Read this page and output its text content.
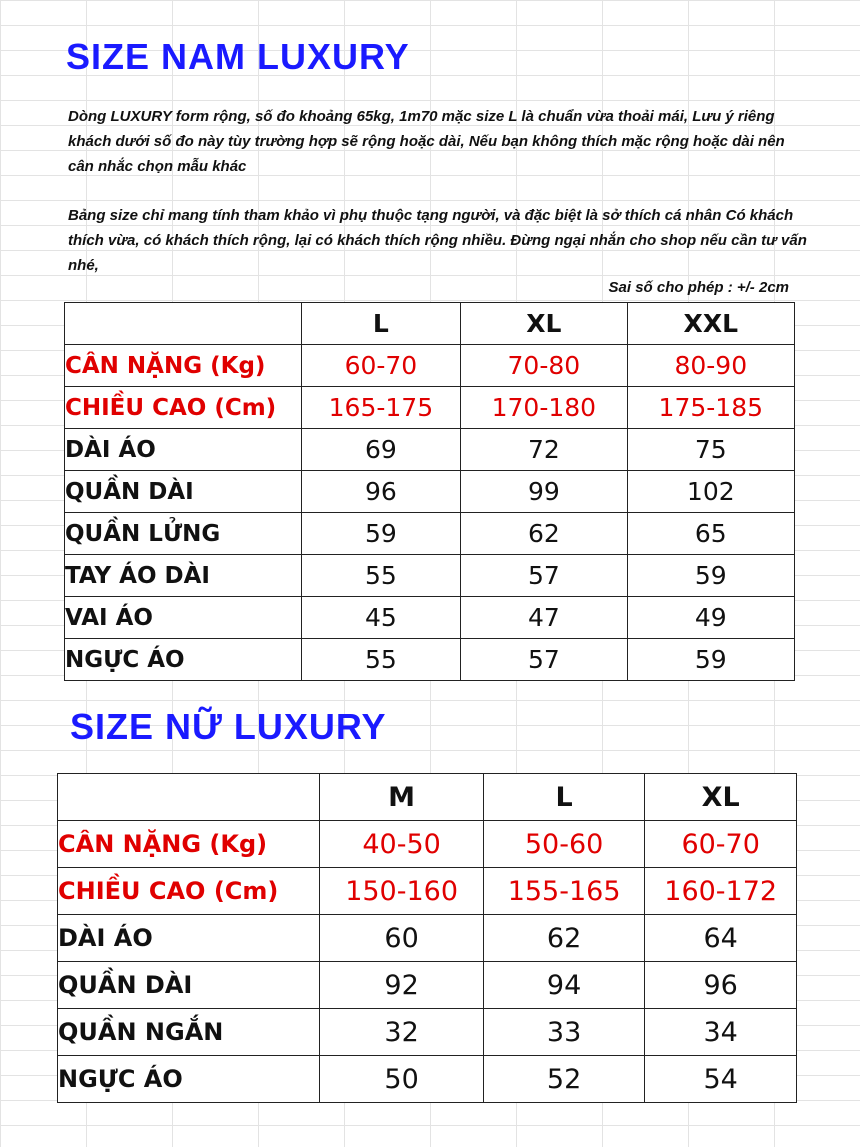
SIZE NAM LUXURY

Dòng LUXURY form rộng, số đo khoảng 65kg, 1m70 mặc size L là chuẩn vừa thoải mái, Lưu ý riêng khách dưới số đo này tùy trường hợp sẽ rộng hoặc dài, Nếu bạn không thích mặc rộng hoặc dài nên cân nhắc chọn mẫu khác

Bảng size chỉ mang tính tham khảo vì phụ thuộc tạng người, và đặc biệt là sở thích cá nhân Có khách thích vừa, có khách thích rộng, lại có khách thích rộng nhiều. Đừng ngại nhắn cho shop nếu cần tư vấn nhé,

Sai số cho phép : +/- 2cm

	L	XL	XXL
CÂN NẶNG (Kg)	60-70	70-80	80-90
CHIỀU CAO (Cm)	165-175	170-180	175-185
DÀI ÁO	69	72	75
QUẦN DÀI	96	99	102
QUẦN LỬNG	59	62	65
TAY ÁO DÀI	55	57	59
VAI ÁO	45	47	49
NGỰC ÁO	55	57	59
SIZE NỮ LUXURY
	M	L	XL
CÂN NẶNG (Kg)	40-50	50-60	60-70
CHIỀU CAO (Cm)	150-160	155-165	160-172
DÀI ÁO	60	62	64
QUẦN DÀI	92	94	96
QUẦN NGẮN	32	33	34
NGỰC ÁO	50	52	54
